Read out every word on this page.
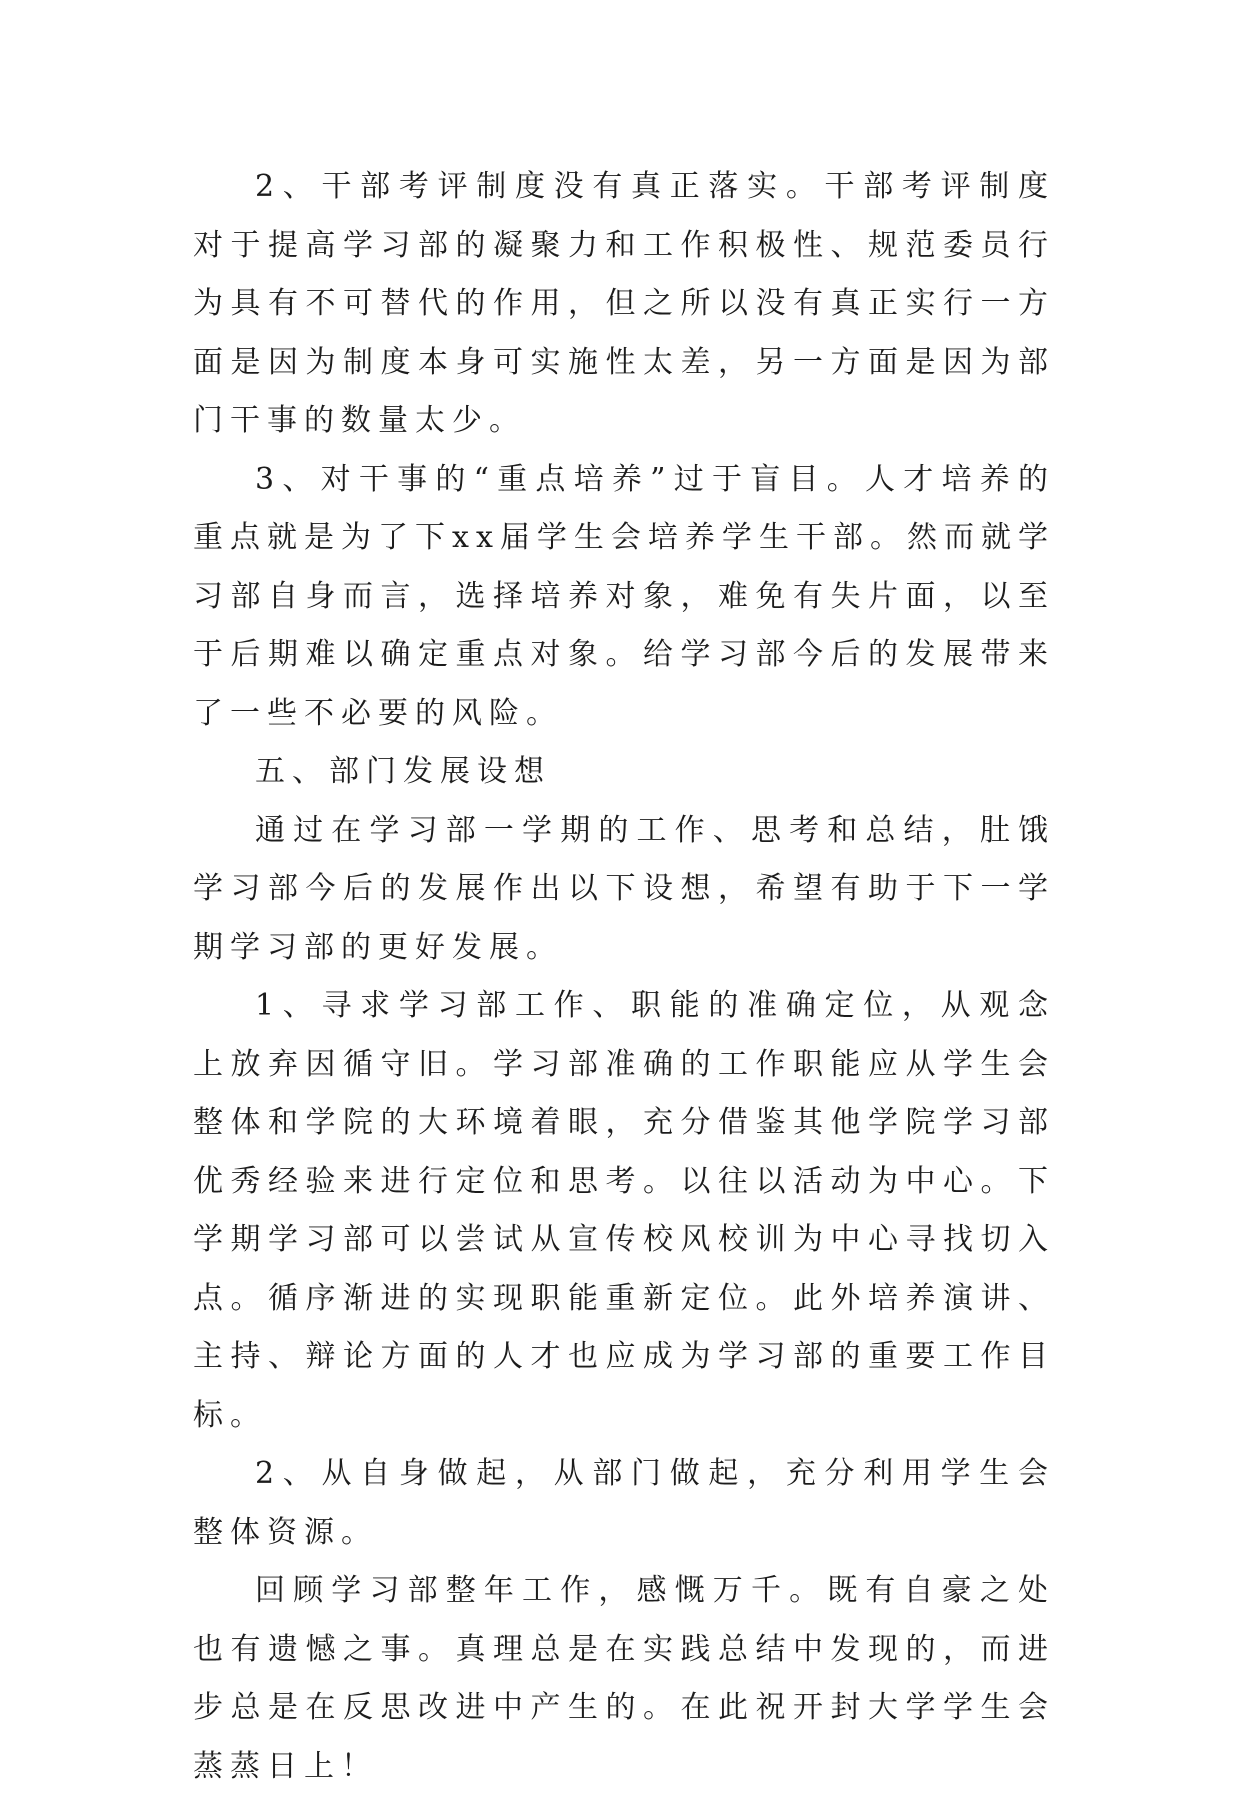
2、干部考评制度没有真正落实。干部考评制度对于提高学习部的凝聚力和工作积极性、规范委员行为具有不可替代的作用，但之所以没有真正实行一方面是因为制度本身可实施性太差，另一方面是因为部门干事的数量太少。

3、对干事的“重点培养”过于盲目。人才培养的重点就是为了下xx届学生会培养学生干部。然而就学习部自身而言，选择培养对象，难免有失片面，以至于后期难以确定重点对象。给学习部今后的发展带来了一些不必要的风险。

五、部门发展设想

通过在学习部一学期的工作、思考和总结，肚饿学习部今后的发展作出以下设想，希望有助于下一学期学习部的更好发展。

1、寻求学习部工作、职能的准确定位，从观念上放弃因循守旧。学习部准确的工作职能应从学生会整体和学院的大环境着眼，充分借鉴其他学院学习部优秀经验来进行定位和思考。以往以活动为中心。下学期学习部可以尝试从宣传校风校训为中心寻找切入点。循序渐进的实现职能重新定位。此外培养演讲、主持、辩论方面的人才也应成为学习部的重要工作目标。

2、从自身做起，从部门做起，充分利用学生会整体资源。

回顾学习部整年工作，感慨万千。既有自豪之处也有遗憾之事。真理总是在实践总结中发现的，而进步总是在反思改进中产生的。在此祝开封大学学生会蒸蒸日上！
